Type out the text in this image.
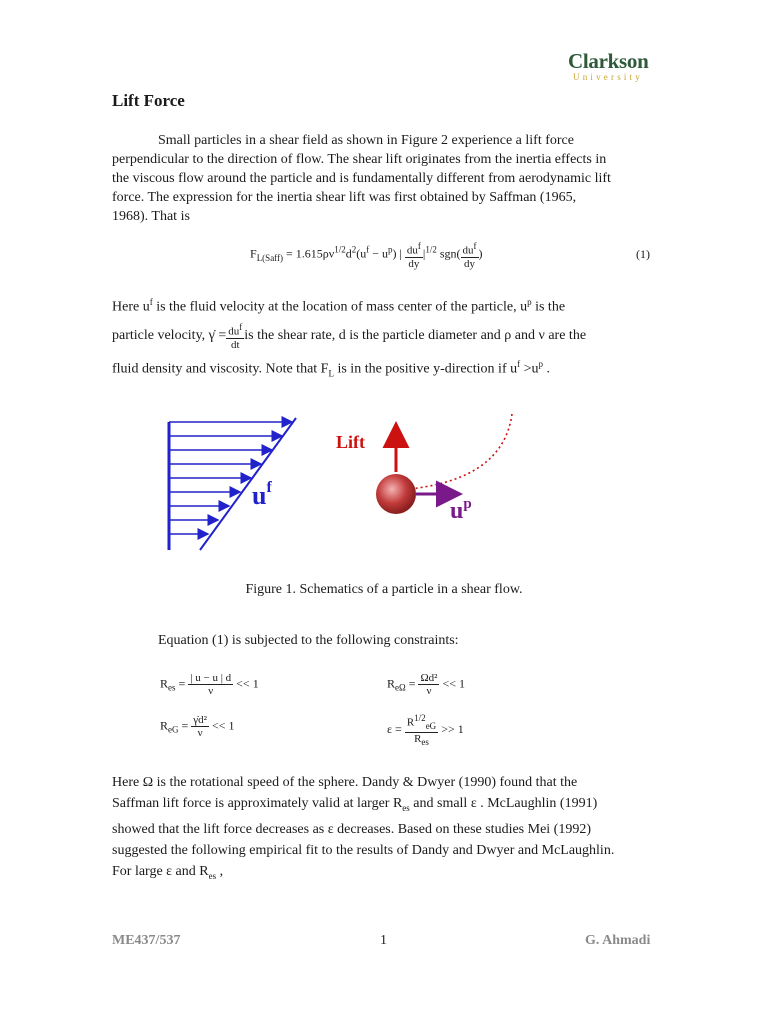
Clarkson
University
Lift Force
Small particles in a shear field as shown in Figure 2 experience a lift force
perpendicular to the direction of flow. The shear lift originates from the inertia effects in
the viscous flow around the particle and is fundamentally different from aerodynamic lift
force. The expression for the inertia shear lift was first obtained by Saffman (1965,
1968). That is
$F_{L(Saff)} = 1.615\rho\nu^{1/2}d^2(u^f - u^p)$ | $\frac{du^f}{dy} |^{1/2}$ $sgn( \frac{du^f}{dy}$ )	(1)
Here $u^f$ is the fluid velocity at the location of mass center of the particle, $u^p$ is the
particle velocity, γ̇ = $\frac{du^f}{dt}$ is the shear rate, d is the particle diameter and ρ and ν are the
fluid density and viscosity. Note that $F_L$ is in the positive y-direction if $u^f >u^p$ .
$u^f$
Lift
$u^p$
Figure 1. Schematics of a particle in a shear flow.
Equation (1) is subjected to the following constraints:
$R_{es} = \frac{| u - u | d}{\nu} << 1$	$R_{e\Omega} = \frac{\text{Ωd²}}{\nu} << 1$
$R_{eG} = \frac{\text{γ̇d²}}{\nu} << 1$	$\varepsilon = \frac{R^{1/2}_{eG}}{R_{es}} >> 1$
Here Ω is the rotational speed of the sphere. Dandy & Dwyer (1990) found that the
Saffman lift force is approximately valid at larger $R_{es}$ and small ε . McLaughlin (1991)
showed that the lift force decreases as ε decreases. Based on these studies Mei (1992)
suggested the following empirical fit to the results of Dandy and Dwyer and McLaughlin.
For large ε and $R_{es}$ ,
ME437/537	1	G. Ahmadi
